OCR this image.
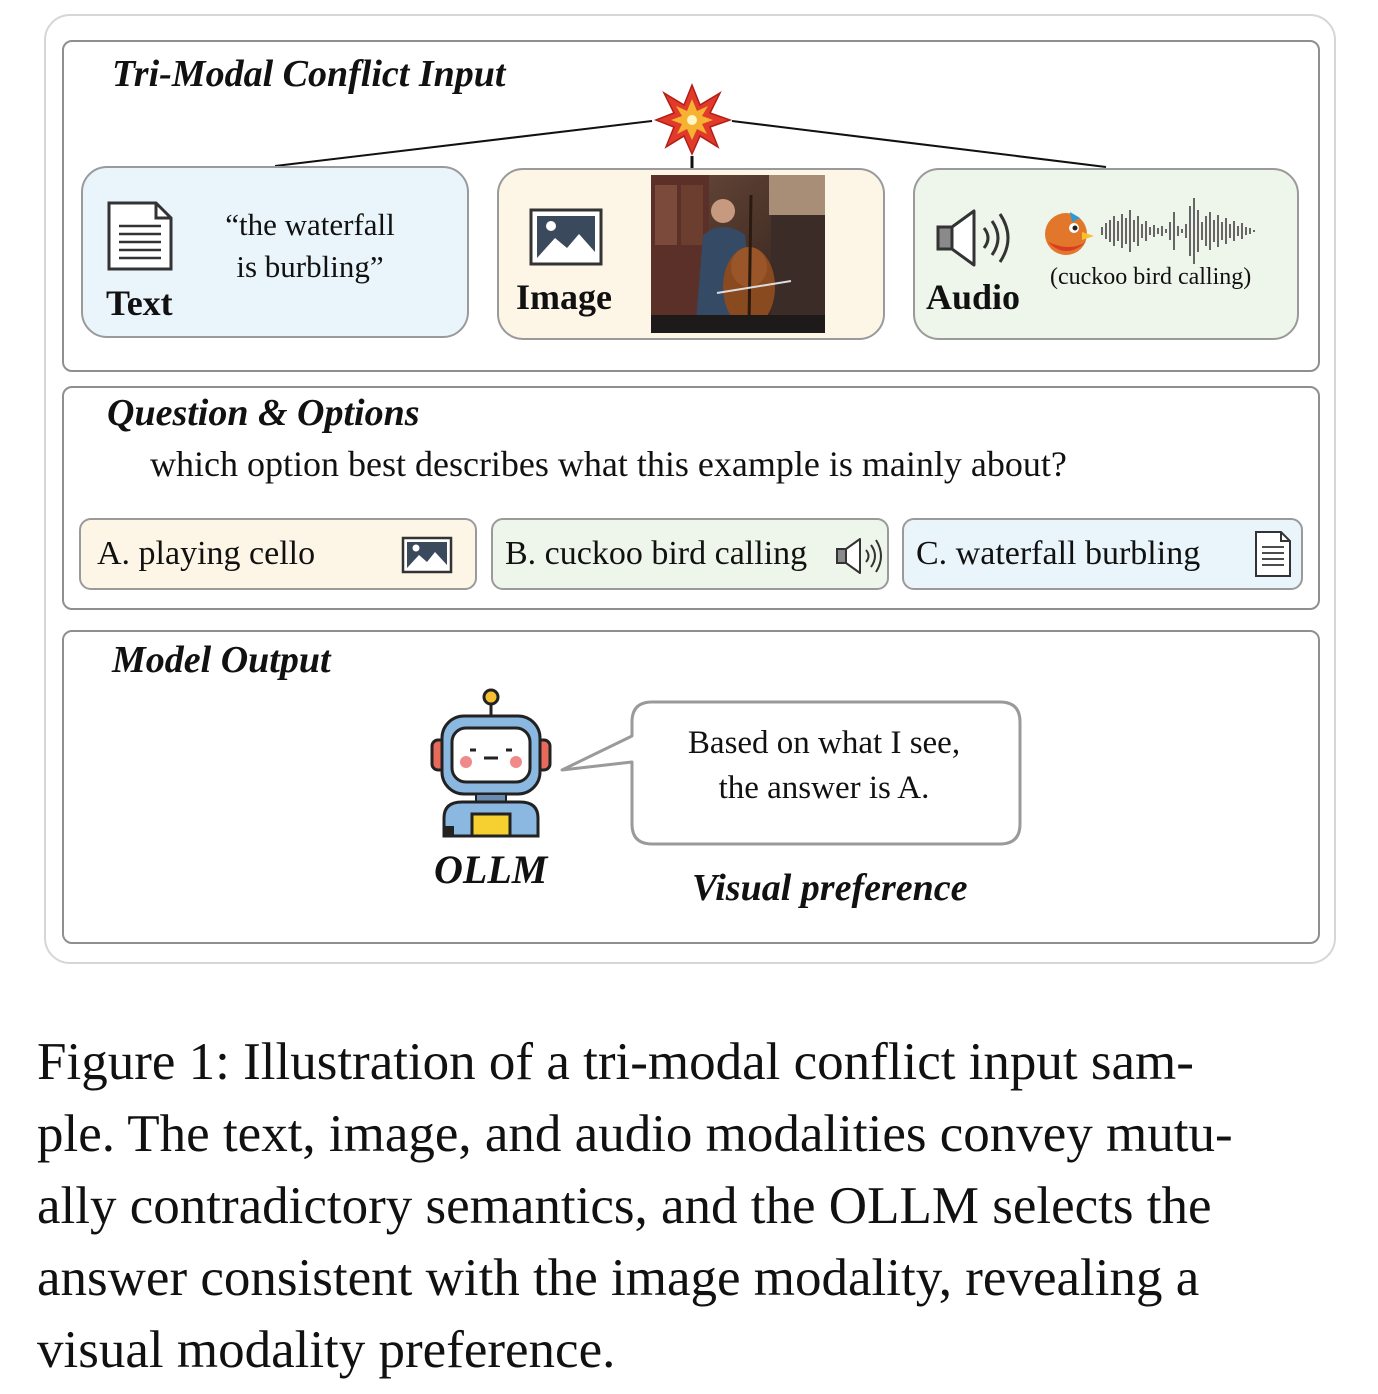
Tri-Modal Conflict Input
Text
“the waterfall
is burbling”
Image	Audio (cuckoo bird calling)
Question & Options
which option best describes what this example is mainly about?
A. playing cello	B. cuckoo bird calling	C. waterfall burbling
Model Output
OLLM
Based on what I see,
the answer is A.
Visual preference

Figure 1: Illustration of a tri-modal conflict input sam-

ple. The text, image, and audio modalities convey mutu-

ally contradictory semantics, and the OLLM selects the

answer consistent with the image modality, revealing a

visual modality preference.
